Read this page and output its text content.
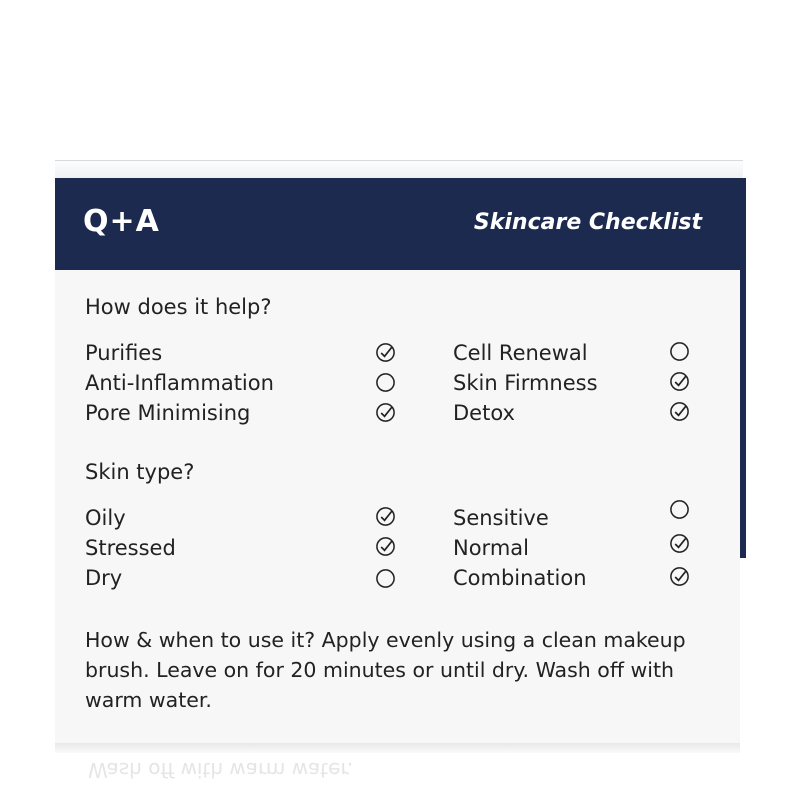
Q+A	Skincare Checklist
How does it help?
Purifies
Anti-Inflammation
Pore Minimising
Cell Renewal
Skin Firmness
Detox
Skin type?
Oily
Stressed
Dry
Sensitive
Normal
Combination
How & when to use it? Apply evenly using a clean makeup brush. Leave on for 20 minutes or until dry. Wash off with warm water.
Wash off with warm water.
